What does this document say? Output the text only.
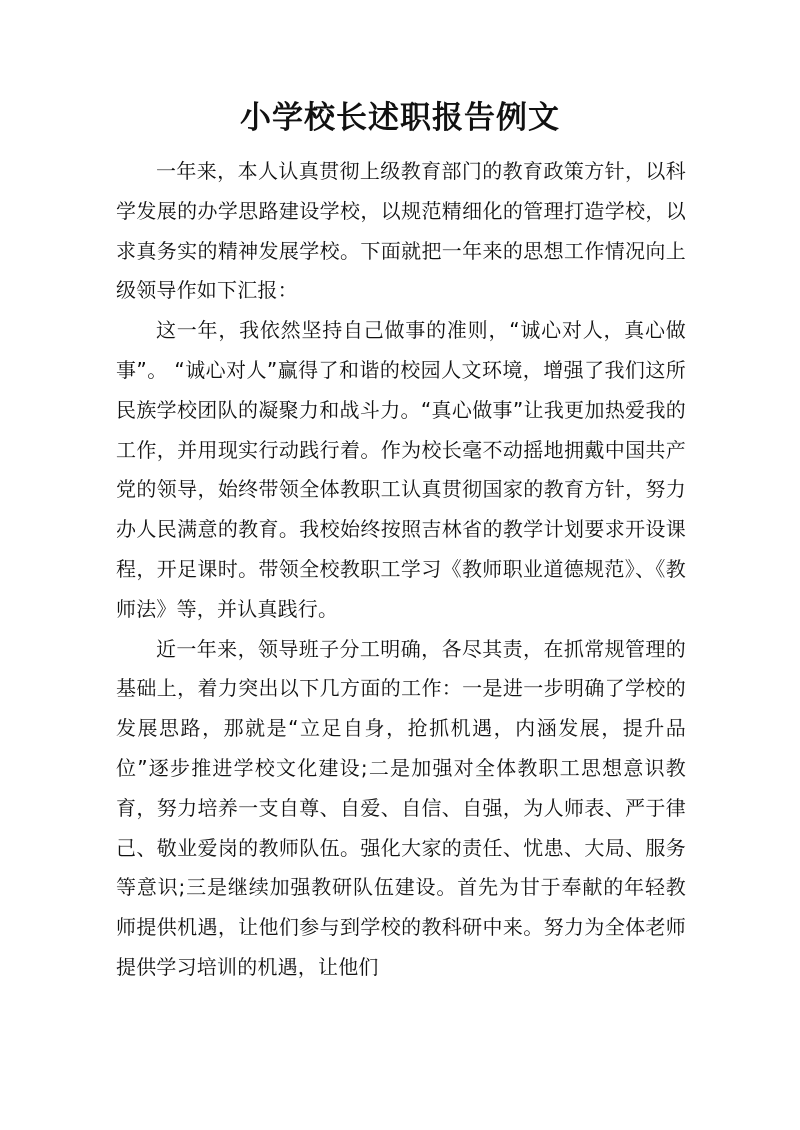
小学校长述职报告例文

一年来，本人认真贯彻上级教育部门的教育政策方针，以科学发展的办学思路建设学校，以规范精细化的管理打造学校，以求真务实的精神发展学校。下面就把一年来的思想工作情况向上级领导作如下汇报：

这一年，我依然坚持自己做事的准则，“诚心对人，真心做事”。 “诚心对人”赢得了和谐的校园人文环境，增强了我们这所民族学校团队的凝聚力和战斗力。“真心做事”让我更加热爱我的工作，并用现实行动践行着。作为校长毫不动摇地拥戴中国共产党的领导，始终带领全体教职工认真贯彻国家的教育方针，努力办人民满意的教育。我校始终按照吉林省的教学计划要求开设课程，开足课时。带领全校教职工学习《教师职业道德规范》、《教师法》等，并认真践行。

近一年来，领导班子分工明确，各尽其责，在抓常规管理的基础上，着力突出以下几方面的工作：一是进一步明确了学校的发展思路，那就是“立足自身，抢抓机遇，内涵发展，提升品位”逐步推进学校文化建设;二是加强对全体教职工思想意识教育，努力培养一支自尊、自爱、自信、自强，为人师表、严于律己、敬业爱岗的教师队伍。强化大家的责任、忧患、大局、服务等意识;三是继续加强教研队伍建设。首先为甘于奉献的年轻教师提供机遇，让他们参与到学校的教科研中来。努力为全体老师提供学习培训的机遇，让他们
